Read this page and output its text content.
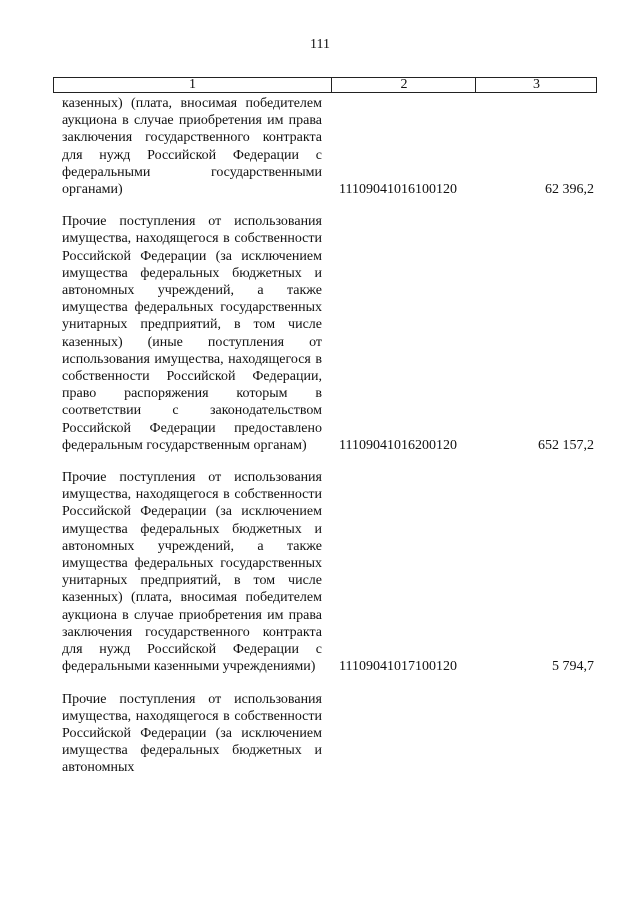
111
1	2	3
казенных) (плата, вносимая победителем аукциона в случае приобретения им права заключения государственного контракта для нужд Российской Федерации с федеральными государственными органами)	11109041016100120	62 396,2
Прочие поступления от использования имущества, находящегося в собственности Российской Федерации (за исключением имущества федеральных бюджетных и автономных учреждений, а также имущества федеральных государственных унитарных предприятий, в том числе казенных) (иные поступления от использования имущества, находящегося в собственности Российской Федерации, право распоряжения которым в соответствии с законодательством Российской Федерации предоставлено федеральным государственным органам)	11109041016200120	652 157,2
Прочие поступления от использования имущества, находящегося в собственности Российской Федерации (за исключением имущества федеральных бюджетных и автономных учреждений, а также имущества федеральных государственных унитарных предприятий, в том числе казенных) (плата, вносимая победителем аукциона в случае приобретения им права заключения государственного контракта для нужд Российской Федерации с федеральными казенными учреждениями)	11109041017100120	5 794,7
Прочие поступления от использования имущества, находящегося в собственности Российской Федерации (за исключением имущества федеральных бюджетных и автономных
